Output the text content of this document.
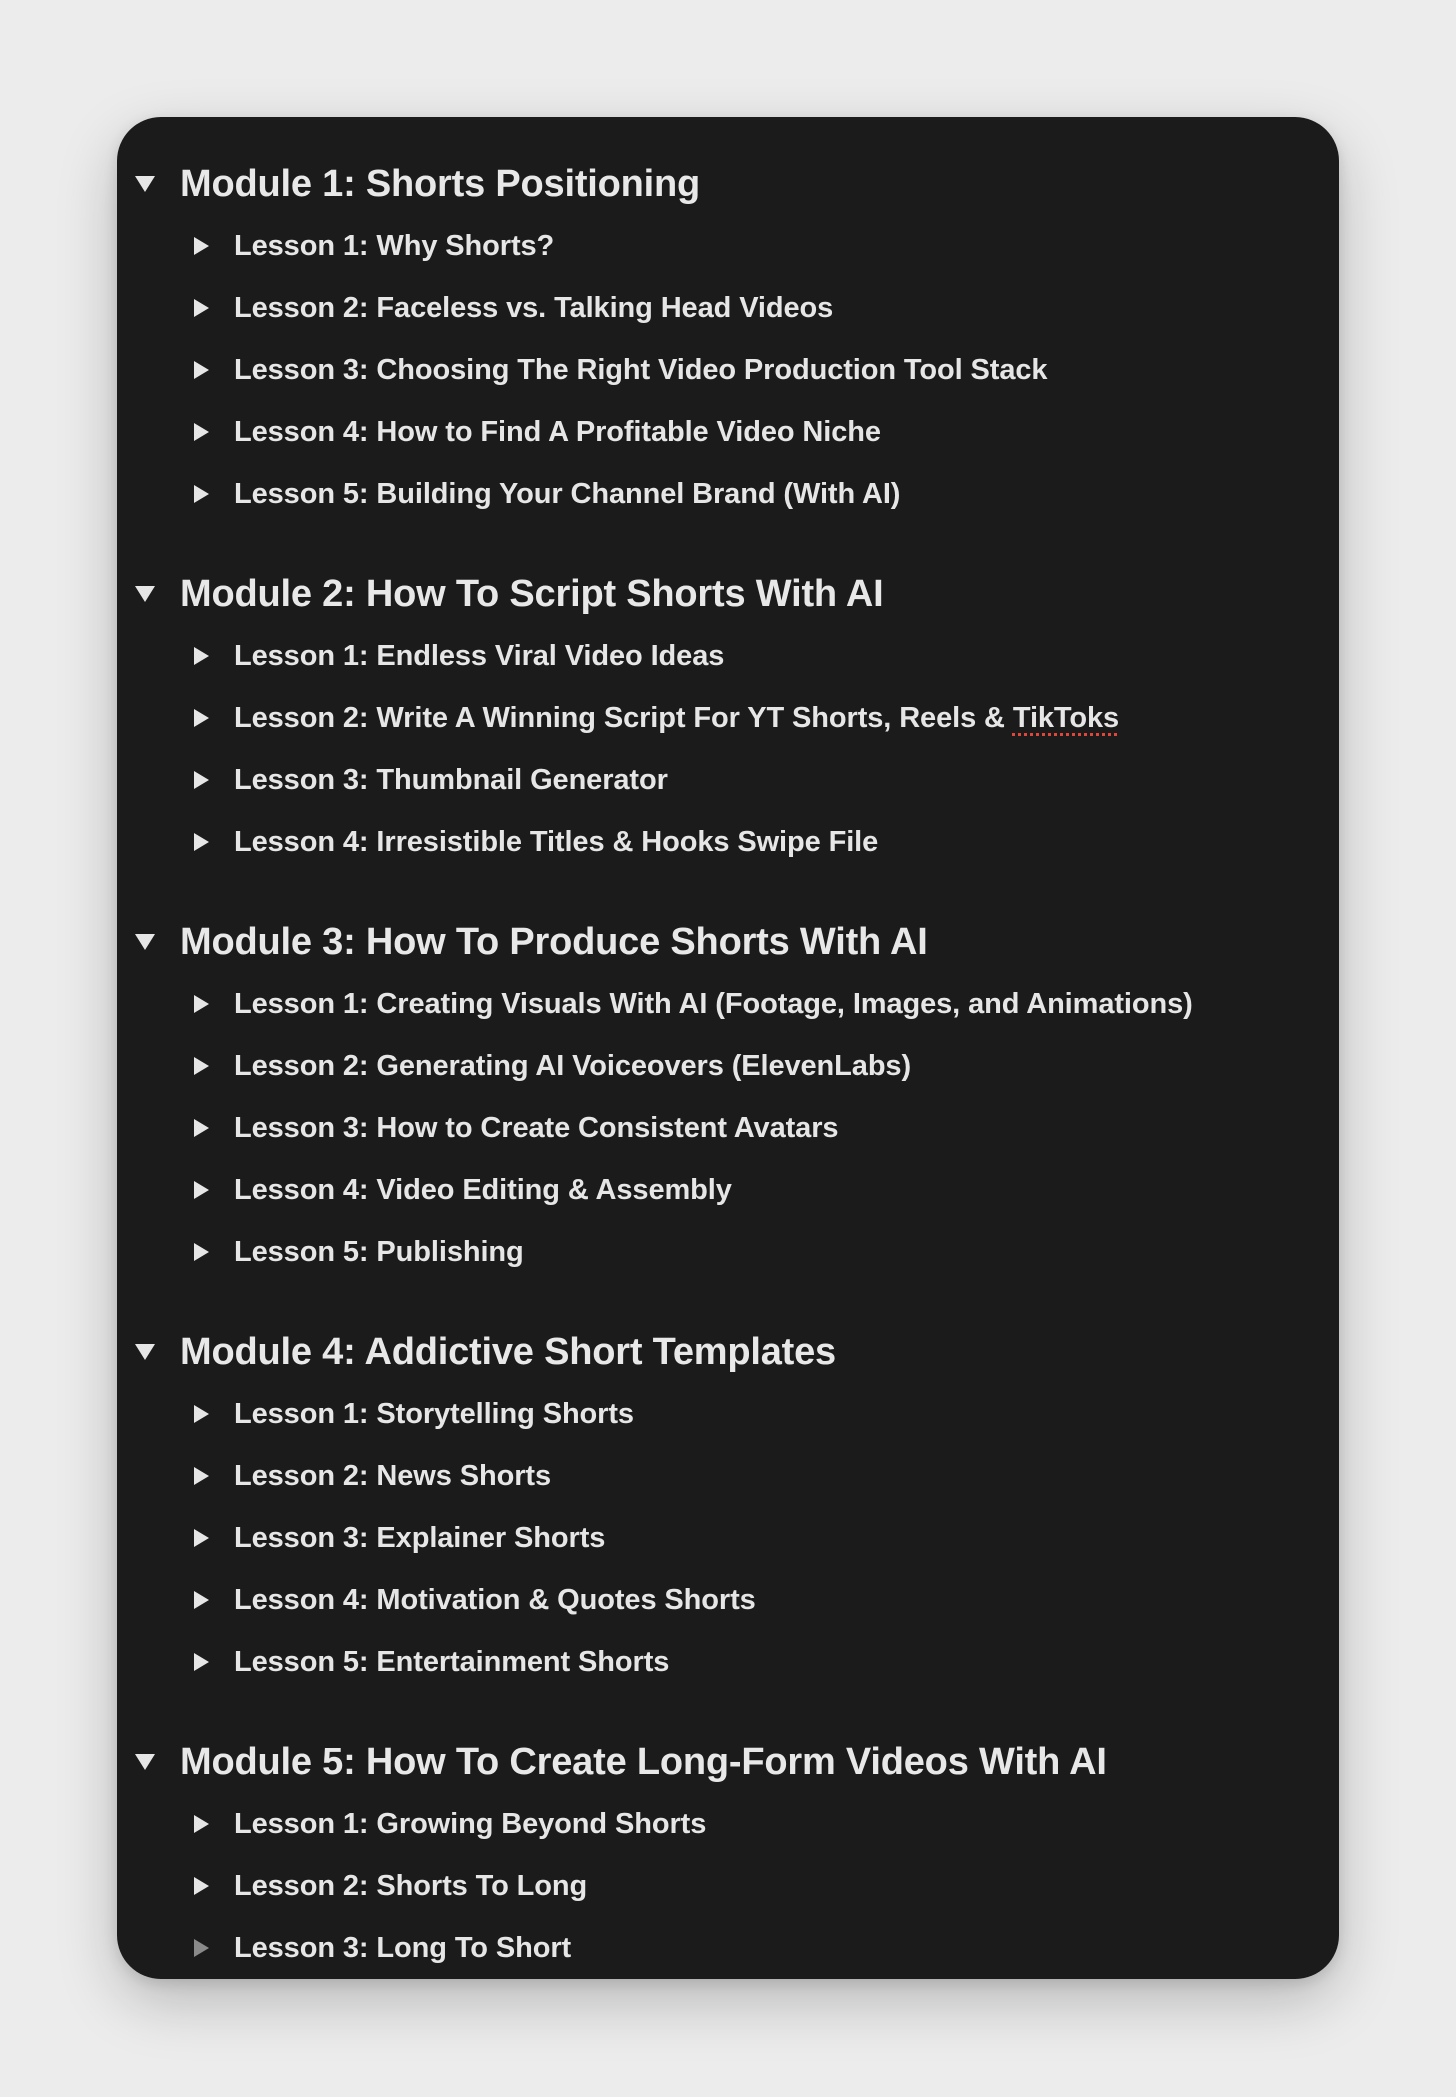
Module 1: Shorts Positioning
Lesson 1: Why Shorts?
Lesson 2: Faceless vs. Talking Head Videos
Lesson 3: Choosing The Right Video Production Tool Stack
Lesson 4: How to Find A Profitable Video Niche
Lesson 5: Building Your Channel Brand (With AI)
Module 2: How To Script Shorts With AI
Lesson 1: Endless Viral Video Ideas
Lesson 2: Write A Winning Script For YT Shorts, Reels & TikToks
Lesson 3: Thumbnail Generator
Lesson 4: Irresistible Titles & Hooks Swipe File
Module 3: How To Produce Shorts With AI
Lesson 1: Creating Visuals With AI (Footage, Images, and Animations)
Lesson 2: Generating AI Voiceovers (ElevenLabs)
Lesson 3: How to Create Consistent Avatars
Lesson 4: Video Editing & Assembly
Lesson 5: Publishing
Module 4: Addictive Short Templates
Lesson 1: Storytelling Shorts
Lesson 2: News Shorts
Lesson 3: Explainer Shorts
Lesson 4: Motivation & Quotes Shorts
Lesson 5: Entertainment Shorts
Module 5: How To Create Long-Form Videos With AI
Lesson 1: Growing Beyond Shorts
Lesson 2: Shorts To Long
Lesson 3: Long To Short
